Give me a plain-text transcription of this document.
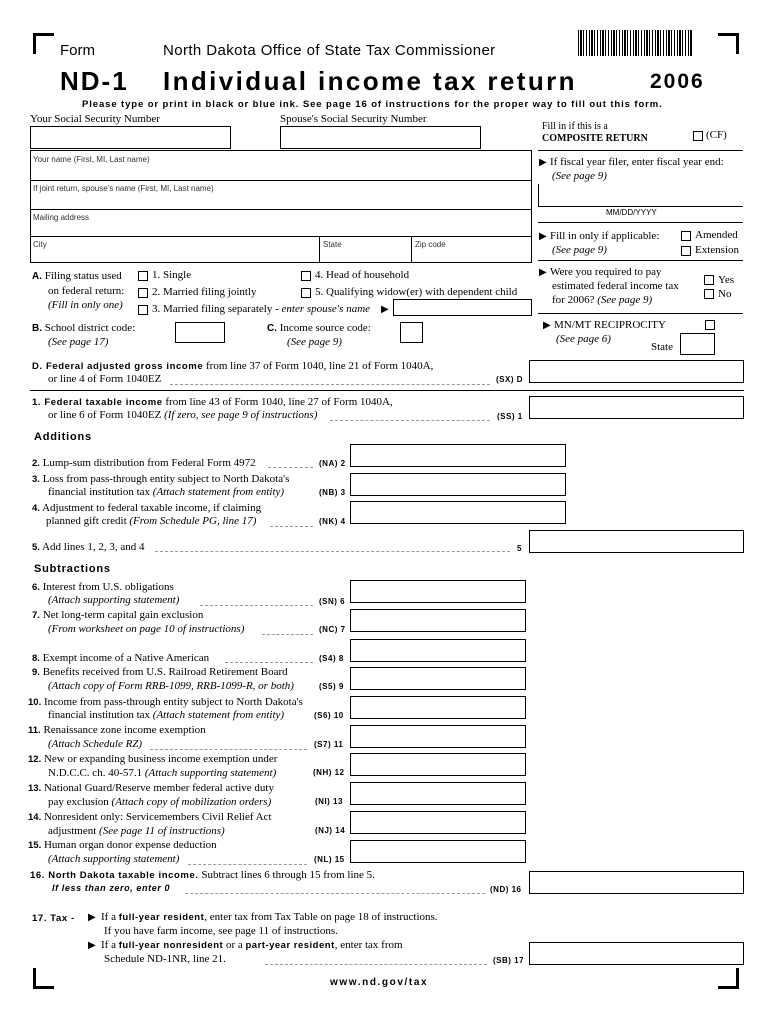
Form	North Dakota Office of State Tax Commissioner
ND-1 Individual income tax return	2006
Please type or print in black or blue ink. See page 16 of instructions for the proper way to fill out this form.
Your Social Security Number	Spouse's Social Security Number
Your name (First, MI, Last name)
If joint return, spouse's name (First, MI, Last name)
Mailing address
City	State	Zip code
Fill in if this is a
COMPOSITE RETURN	(CF)
▶ If fiscal year filer, enter fiscal year end:
(See page 9)
MM/DD/YYYY
▶ Fill in only if applicable:
(See page 9)
Amended
Extension
▶ Were you required to pay
estimated federal income tax
for 2006? (See page 9)
Yes
No
▶ MN/MT RECIPROCITY
(See page 6)
State
A. Filing status used
on federal return:
(Fill in only one)
1. Single
2. Married filing jointly
3. Married filing separately - enter spouse's name ▶
4. Head of household
5. Qualifying widow(er) with dependent child
B. School district code:
(See page 17)
C. Income source code:
(See page 9)
D. Federal adjusted gross income from line 37 of Form 1040, line 21 of Form 1040A,
or line 4 of Form 1040EZ	(SX) D
1. Federal taxable income from line 43 of Form 1040, line 27 of Form 1040A,
or line 6 of Form 1040EZ (If zero, see page 9 of instructions)	(SS) 1
Additions
2. Lump-sum distribution from Federal Form 4972	(NA) 2
3. Loss from pass-through entity subject to North Dakota's
financial institution tax (Attach statement from entity)	(NB) 3
4. Adjustment to federal taxable income, if claiming
planned gift credit (From Schedule PG, line 17)	(NK) 4
5. Add lines 1, 2, 3, and 4	5
Subtractions
6. Interest from U.S. obligations
(Attach supporting statement)	(SN) 6
7. Net long-term capital gain exclusion
(From worksheet on page 10 of instructions)	(NC) 7
8. Exempt income of a Native American	(S4) 8
9. Benefits received from U.S. Railroad Retirement Board
(Attach copy of Form RRB-1099, RRB-1099-R, or both)	(S5) 9
10. Income from pass-through entity subject to North Dakota's
financial institution tax (Attach statement from entity)	(S6) 10
11. Renaissance zone income exemption
(Attach Schedule RZ)	(S7) 11
12. New or expanding business income exemption under
N.D.C.C. ch. 40-57.1 (Attach supporting statement)	(NH) 12
13. National Guard/Reserve member federal active duty
pay exclusion (Attach copy of mobilization orders)	(NI) 13
14. Nonresident only: Servicemembers Civil Relief Act
adjustment (See page 11 of instructions)	(NJ) 14
15. Human organ donor expense deduction
(Attach supporting statement)	(NL) 15
16. North Dakota taxable income. Subtract lines 6 through 15 from line 5.
If less than zero, enter 0	(ND) 16
17. Tax - ▶ If a full-year resident, enter tax from Tax Table on page 18 of instructions.
If you have farm income, see page 11 of instructions.
▶ If a full-year nonresident or a part-year resident, enter tax from
Schedule ND-1NR, line 21.	(SB) 17
www.nd.gov/tax
